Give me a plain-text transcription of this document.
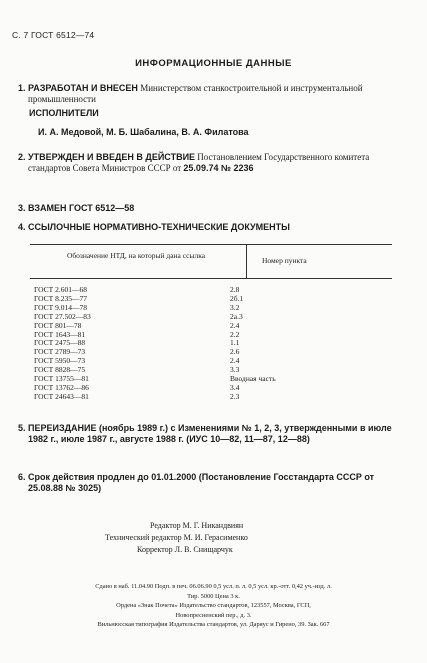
С. 7 ГОСТ 6512—74
ИНФОРМАЦИОННЫЕ ДАННЫЕ
1. РАЗРАБОТАН И ВНЕСЕН Министерством станкостроительной и инструментальной промышленности
ИСПОЛНИТЕЛИ
И. А. Медовой, М. Б. Шабалина, В. А. Филатова
2. УТВЕРЖДЕН И ВВЕДЕН В ДЕЙСТВИЕ Постановлением Государственного комитета стандартов Совета Министров СССР от 25.09.74 № 2236
3. ВЗАМЕН ГОСТ 6512—58
4. ССЫЛОЧНЫЕ НОРМАТИВНО-ТЕХНИЧЕСКИЕ ДОКУМЕНТЫ
Обозначение НТД, на который дана ссылка
Номер пункта
ГОСТ 2.601—68
ГОСТ 8.235—77
ГОСТ 9.014—78
ГОСТ 27.502—83
ГОСТ 801—78
ГОСТ 1643—81
ГОСТ 2475—88
ГОСТ 2789—73
ГОСТ 5950—73
ГОСТ 8828—75
ГОСТ 13755—81
ГОСТ 13762—86
ГОСТ 24643—81
2.8
2б.1
3.2
2а.3
2.4
2.2
1.1
2.6
2.4
3.3
Вводная часть
3.4
2.3
5. ПЕРЕИЗДАНИЕ (ноябрь 1989 г.) с Изменениями № 1, 2, 3, утвержденными в июле 1982 г., июле 1987 г., августе 1988 г. (ИУС 10—82, 11—87, 12—88)
6. Срок действия продлен до 01.01.2000 (Постановление Госстандарта СССР от 25.08.88 № 3025)
Редактор М. Г. Никандвиян
Технический редактор М. И. Герасименко
Корректор Л. В. Снищарчук
Сдано в наб. 11.04.90 Подп. в печ. 06.06.90 0,5 усл. п. л. 0,5 усл. кр.-отт. 0,42 уч.-изд. л.
Тир. 5000 Цена 3 к.
Ордена «Знак Почета» Издательство стандартов, 123557, Москва, ГСП,
Новопресненский пер., д. 3.
Вильнюсская типография Издательства стандартов, ул. Даряус и Гирено, 39. Зак. 667
